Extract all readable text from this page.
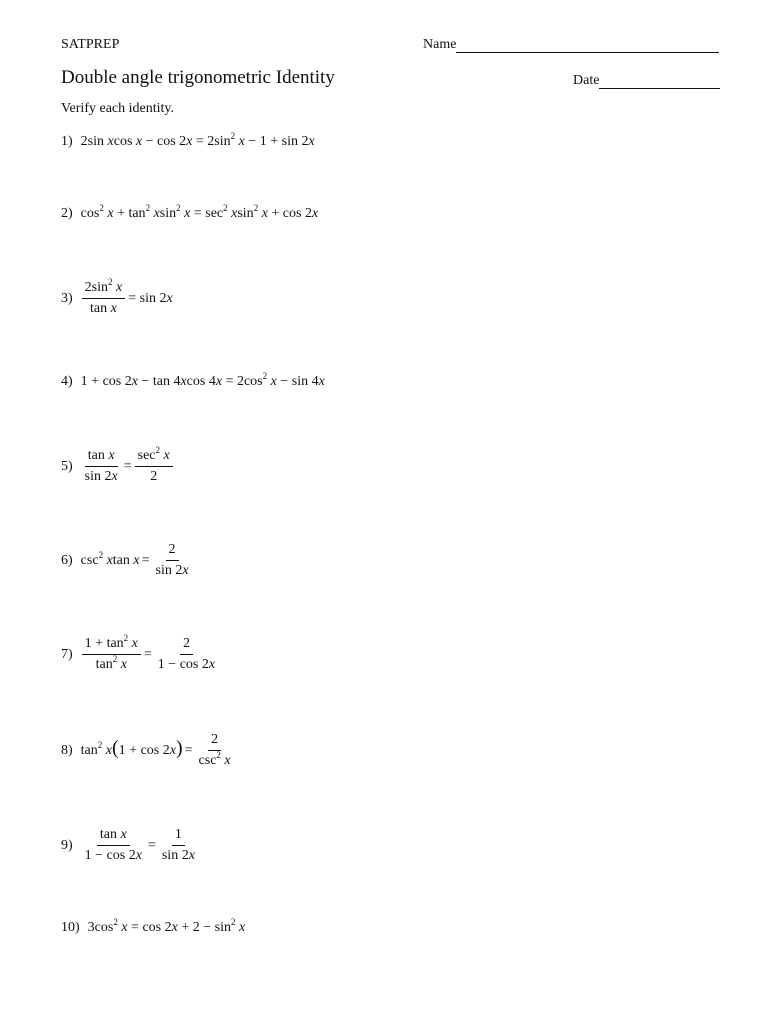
SATPREP	Name
Double angle trigonometric Identity	Date
Verify each identity.
1) 2sin xcos $x - \cos 2x = 2\sin^2$ x − 1 + sin 2x
2) $\cos^2 x + \tan^2 xsin^2$ $x = \sec^2 xsin^2$ x + cos 2x
$3) \frac{2\sin^2 x}{\text{tan x}} = \sin 2x$
4) 1 + cos 2x − tan 4xcos $4x = 2\cos^2$ x − sin 4x
$5) \frac{\text{tan x}}{\sin 2x} = \frac{\sec^2 x}{2}$
6) $\csc^2 xtan$ $x = \frac{2}{\sin 2x}$
$7) \frac{1 + \tan^2 x}{\tan^2 x} = \frac{2}{1 - \cos 2x}$
8) $\tan^2 x(1 + \cos 2x) = \frac{2}{\csc^2 x}$
$9) \frac{\text{tan x}}{1 - \cos 2x} = \frac{1}{\sin 2x}$
10) $3\cos^2$ $x = \cos 2x + 2 - \sin^2 x$
